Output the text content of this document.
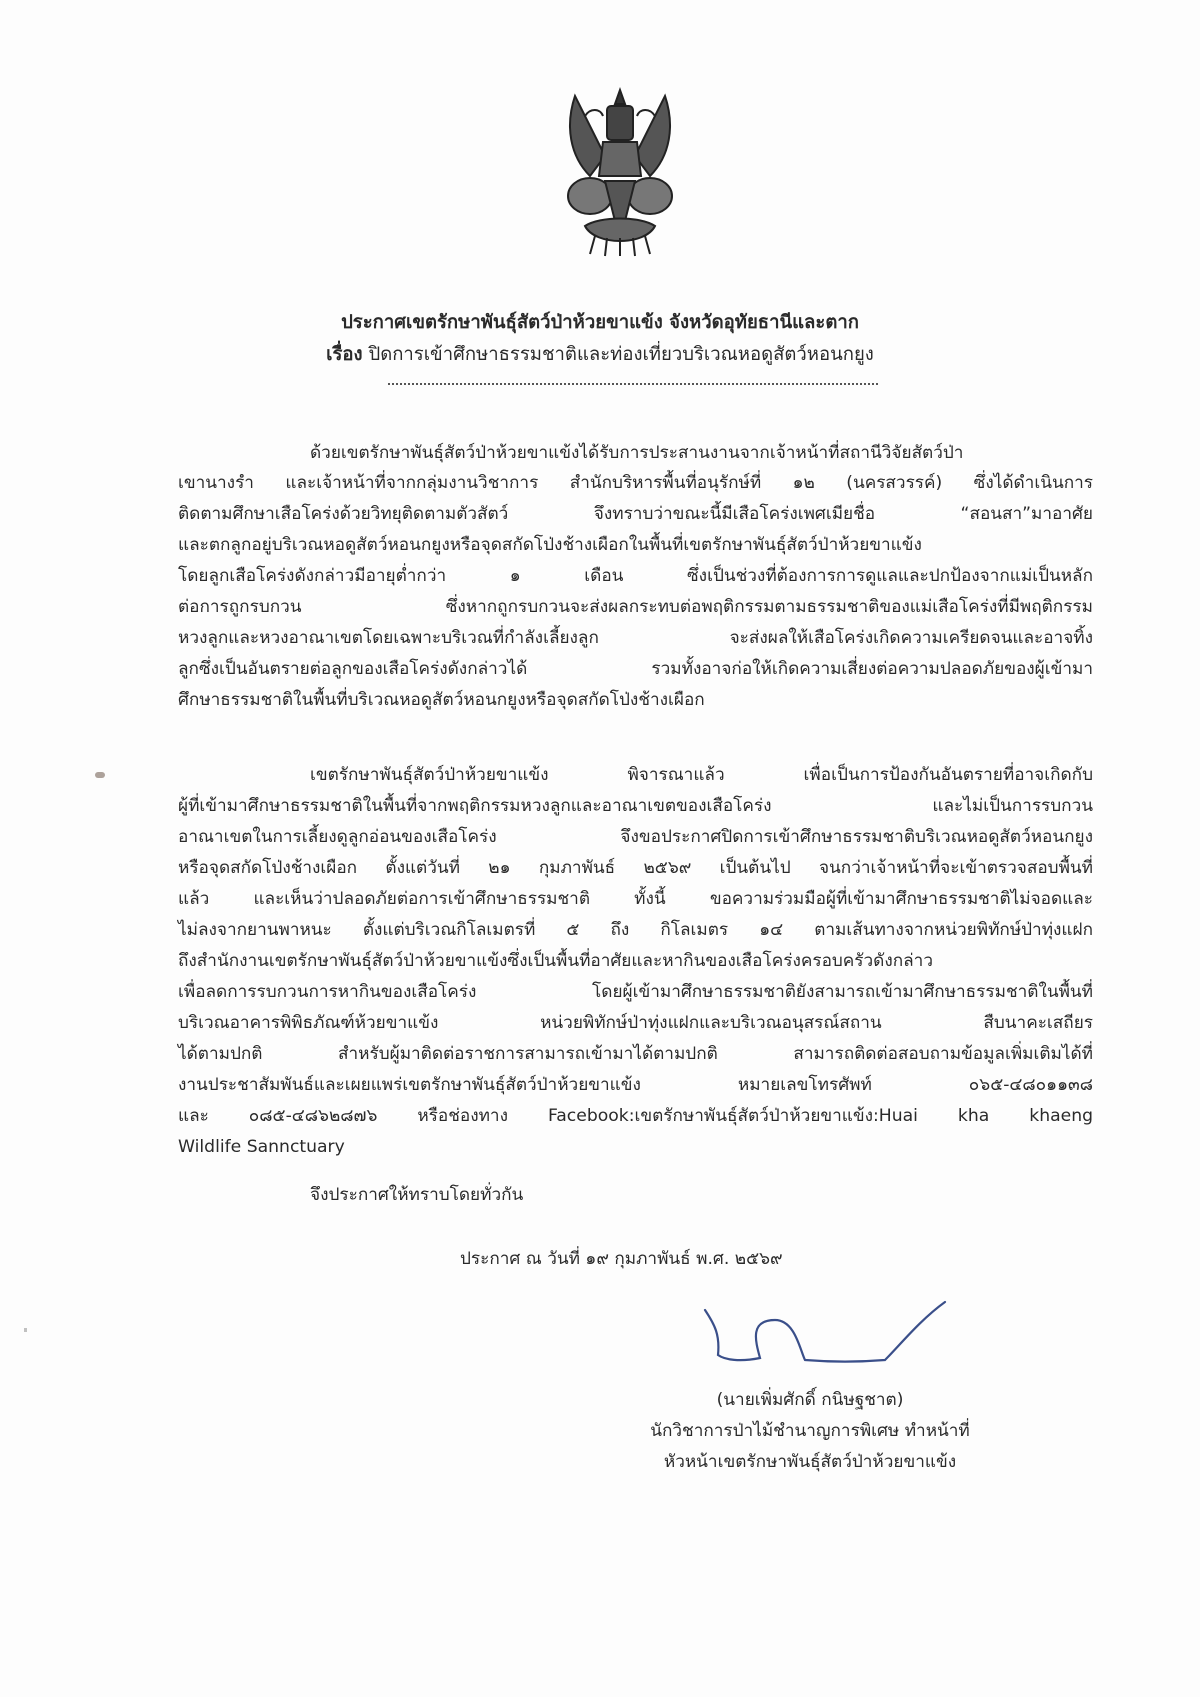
ประกาศเขตรักษาพันธุ์สัตว์ป่าห้วยขาแข้ง จังหวัดอุทัยธานีและตาก
เรื่อง ปิดการเข้าศึกษาธรรมชาติและท่องเที่ยวบริเวณหอดูสัตว์หอนกยูง
ด้วยเขตรักษาพันธุ์สัตว์ป่าห้วยขาแข้งได้รับการประสานงานจากเจ้าหน้าที่สถานีวิจัยสัตว์ป่า
เขานางรำ และเจ้าหน้าที่จากกลุ่มงานวิชาการ สำนักบริหารพื้นที่อนุรักษ์ที่ ๑๒ (นครสวรรค์) ซึ่งได้ดำเนินการ
ติดตามศึกษาเสือโคร่งด้วยวิทยุติดตามตัวสัตว์ จึงทราบว่าขณะนี้มีเสือโคร่งเพศเมียชื่อ “สอนสา”มาอาศัย
และตกลูกอยู่บริเวณหอดูสัตว์หอนกยูงหรือจุดสกัดโป่งช้างเผือกในพื้นที่เขตรักษาพันธุ์สัตว์ป่าห้วยขาแข้ง
โดยลูกเสือโคร่งดังกล่าวมีอายุต่ำกว่า ๑ เดือน ซึ่งเป็นช่วงที่ต้องการการดูแลและปกป้องจากแม่เป็นหลัก
ต่อการถูกรบกวน ซึ่งหากถูกรบกวนจะส่งผลกระทบต่อพฤติกรรมตามธรรมชาติของแม่เสือโคร่งที่มีพฤติกรรม
หวงลูกและหวงอาณาเขตโดยเฉพาะบริเวณที่กำลังเลี้ยงลูก จะส่งผลให้เสือโคร่งเกิดความเครียดจนและอาจทิ้ง
ลูกซึ่งเป็นอันตรายต่อลูกของเสือโคร่งดังกล่าวได้ รวมทั้งอาจก่อให้เกิดความเสี่ยงต่อความปลอดภัยของผู้เข้ามา
ศึกษาธรรมชาติในพื้นที่บริเวณหอดูสัตว์หอนกยูงหรือจุดสกัดโป่งช้างเผือก
เขตรักษาพันธุ์สัตว์ป่าห้วยขาแข้ง พิจารณาแล้ว เพื่อเป็นการป้องกันอันตรายที่อาจเกิดกับ
ผู้ที่เข้ามาศึกษาธรรมชาติในพื้นที่จากพฤติกรรมหวงลูกและอาณาเขตของเสือโคร่ง และไม่เป็นการรบกวน
อาณาเขตในการเลี้ยงดูลูกอ่อนของเสือโคร่ง จึงขอประกาศปิดการเข้าศึกษาธรรมชาติบริเวณหอดูสัตว์หอนกยูง
หรือจุดสกัดโป่งช้างเผือก ตั้งแต่วันที่ ๒๑ กุมภาพันธ์ ๒๕๖๙ เป็นต้นไป จนกว่าเจ้าหน้าที่จะเข้าตรวจสอบพื้นที่
แล้ว และเห็นว่าปลอดภัยต่อการเข้าศึกษาธรรมชาติ ทั้งนี้ ขอความร่วมมือผู้ที่เข้ามาศึกษาธรรมชาติไม่จอดและ
ไม่ลงจากยานพาหนะ ตั้งแต่บริเวณกิโลเมตรที่ ๕ ถึง กิโลเมตร ๑๔ ตามเส้นทางจากหน่วยพิทักษ์ป่าทุ่งแฝก
ถึงสำนักงานเขตรักษาพันธุ์สัตว์ป่าห้วยขาแข้งซึ่งเป็นพื้นที่อาศัยและหากินของเสือโคร่งครอบครัวดังกล่าว
เพื่อลดการรบกวนการหากินของเสือโคร่ง โดยผู้เข้ามาศึกษาธรรมชาติยังสามารถเข้ามาศึกษาธรรมชาติในพื้นที่
บริเวณอาคารพิพิธภัณฑ์ห้วยขาแข้ง หน่วยพิทักษ์ป่าทุ่งแฝกและบริเวณอนุสรณ์สถาน สืบนาคะเสถียร
ได้ตามปกติ สำหรับผู้มาติดต่อราชการสามารถเข้ามาได้ตามปกติ สามารถติดต่อสอบถามข้อมูลเพิ่มเติมได้ที่
งานประชาสัมพันธ์และเผยแพร่เขตรักษาพันธุ์สัตว์ป่าห้วยขาแข้ง หมายเลขโทรศัพท์ ๐๖๕-๔๘๐๑๑๓๘
และ ๐๘๕-๔๘๖๒๘๗๖ หรือช่องทาง Facebook:เขตรักษาพันธุ์สัตว์ป่าห้วยขาแข้ง:Huai kha khaeng
Wildlife Sannctuary
จึงประกาศให้ทราบโดยทั่วกัน
ประกาศ ณ วันที่ ๑๙ กุมภาพันธ์ พ.ศ. ๒๕๖๙
(นายเพิ่มศักดิ์ กนิษฐชาต)
นักวิชาการป่าไม้ชำนาญการพิเศษ ทำหน้าที่
หัวหน้าเขตรักษาพันธุ์สัตว์ป่าห้วยขาแข้ง
